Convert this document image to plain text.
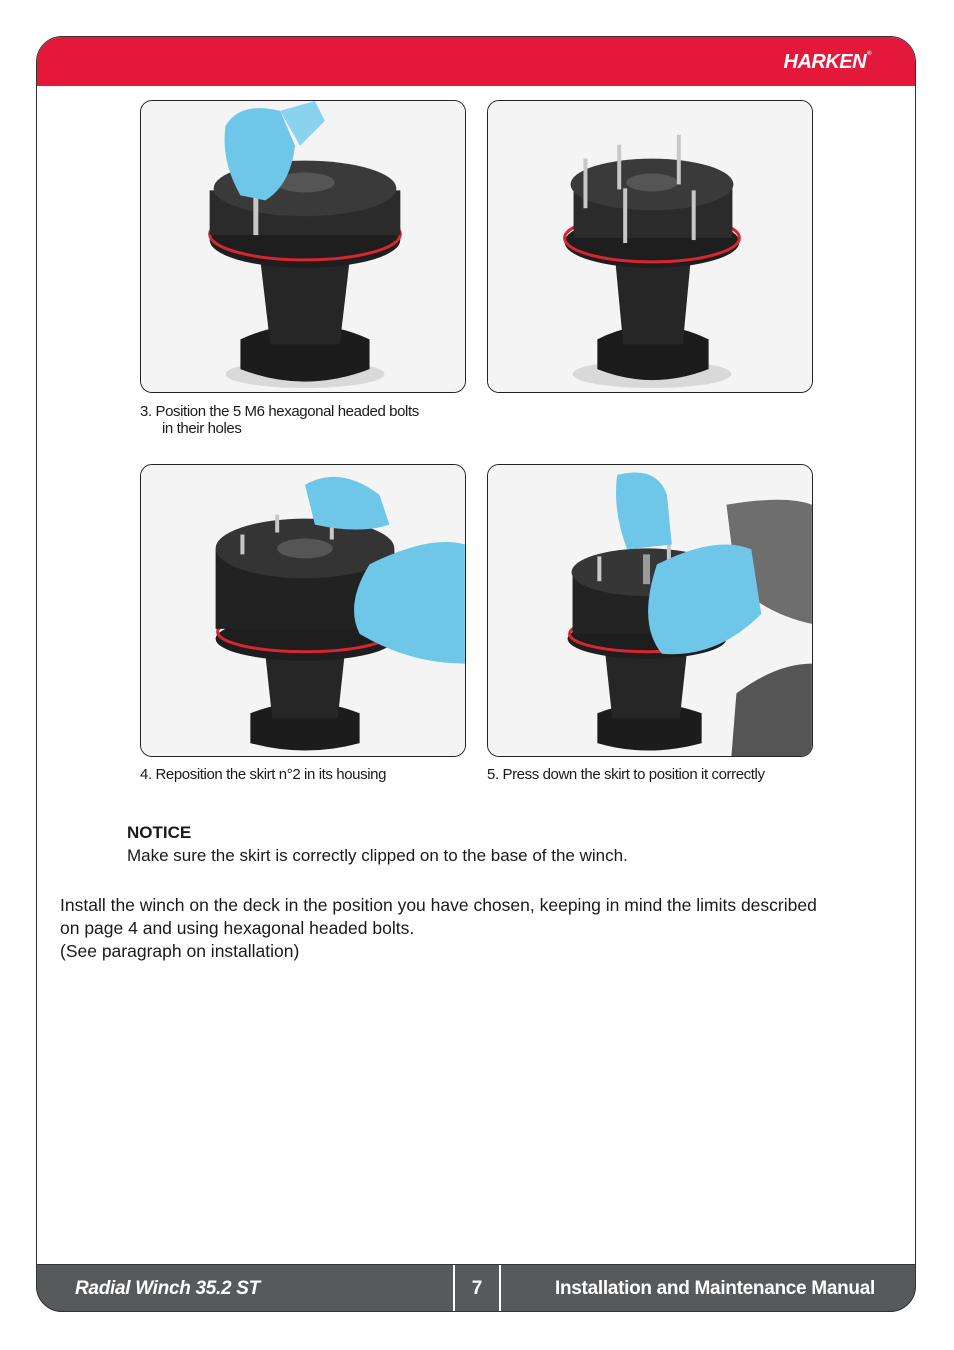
HARKEN®
3. Position the 5 M6 hexagonal headed bolts
in their holes
4. Reposition the skirt n°2 in its housing	5. Press down the skirt to position it correctly
NOTICE
Make sure the skirt is correctly clipped on to the base of the winch.
Install the winch on the deck in the position you have chosen, keeping in mind the limits described
on page 4 and using hexagonal headed bolts.
(See paragraph on installation)
Radial Winch 35.2 ST	7	Installation and Maintenance Manual
